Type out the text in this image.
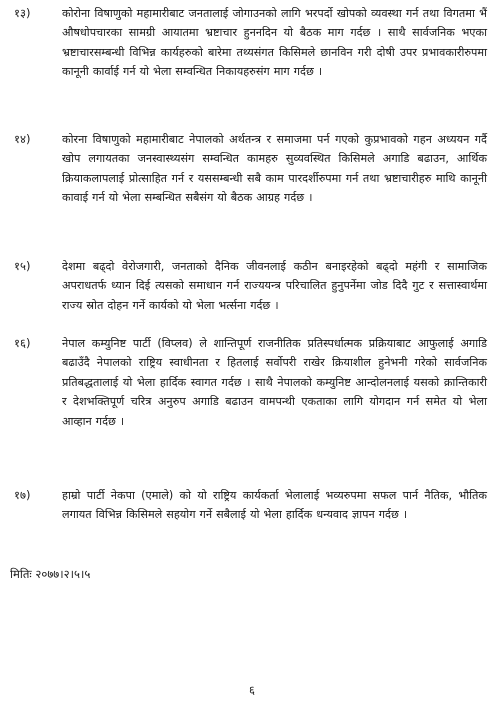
१३)	कोरोना विषाणुको महामारीबाट जनतालाई जोगाउनको लागि भरपर्दो खोपको व्यवस्था गर्न तथा विगतमा भैं औषधोपचारका सामग्री आयातमा भ्रष्टाचार हुननदिन यो बैठक माग गर्दछ । साथै सार्वजनिक भएका भ्रष्टाचारसम्बन्धी विभिन्न कार्यहरुको बारेमा तथ्यसंगत किसिमले छानविन गरी दोषी उपर प्रभावकारीरुपमा कानूनी कार्वाई गर्न यो भेला सम्वन्धित निकायहरुसंग माग गर्दछ ।
१४)	कोरना विषाणुको महामारीबाट नेपालको अर्थतन्त्र र समाजमा पर्न गएको कुप्रभावको गहन अध्ययन गर्दै खोप लगायतका जनस्वास्थ्यसंग सम्वन्धित कामहरु सुव्यवस्थित किसिमले अगाडि बढाउन, आर्थिक क्रियाकलापलाई प्रोत्साहित गर्न र यससम्बन्धी सबै काम पारदर्शीरुपमा गर्न तथा भ्रष्टाचारीहरु माथि कानूनी कावाई गर्न यो भेला सम्बन्धित सबैसंग यो बैठक आग्रह गर्दछ ।
१५)	देशमा बढ्दो वेरोजगारी, जनताको दैनिक जीवनलाई कठीन बनाइरहेको बढ्दो महंगी र सामाजिक अपराधतर्फ ध्यान दिई त्यसको समाधान गर्न राज्ययन्त्र परिचालित हुनुपर्नेमा जोड दिदै गुट र सत्तास्वार्थमा राज्य स्रोत दोहन गर्ने कार्यको यो भेला भर्त्सना गर्दछ ।
१६)	नेपाल कम्युनिष्ट पार्टी (विप्लव) ले शान्तिपूर्ण राजनीतिक प्रतिस्पर्धात्मक प्रक्रियाबाट आफुलाई अगाडि बढाउँदै नेपालको राष्ट्रिय स्वाधीनता र हितलाई सर्वोपरी राखेर क्रियाशील हुनेभनी गरेको सार्वजनिक प्रतिबद्धतालाई यो भेला हार्दिक स्वागत गर्दछ । साथै नेपालको कम्युनिष्ट आन्दोलनलाई यसको क्रान्तिकारी र देशभक्तिपूर्ण चरित्र अनुरुप अगाडि बढाउन वामपन्थी एकताका लागि योगदान गर्न समेत यो भेला आव्हान गर्दछ ।
१७)	हाम्रो पार्टी नेकपा (एमाले) को यो राष्ट्रिय कार्यकर्ता भेलालाई भव्यरुपमा सफल पार्न नैतिक, भौतिक लगायत विभिन्न किसिमले सहयोग गर्ने सबैलाई यो भेला हार्दिक धन्यवाद ज्ञापन गर्दछ ।
मितिः २०७७।२।५।५
६
